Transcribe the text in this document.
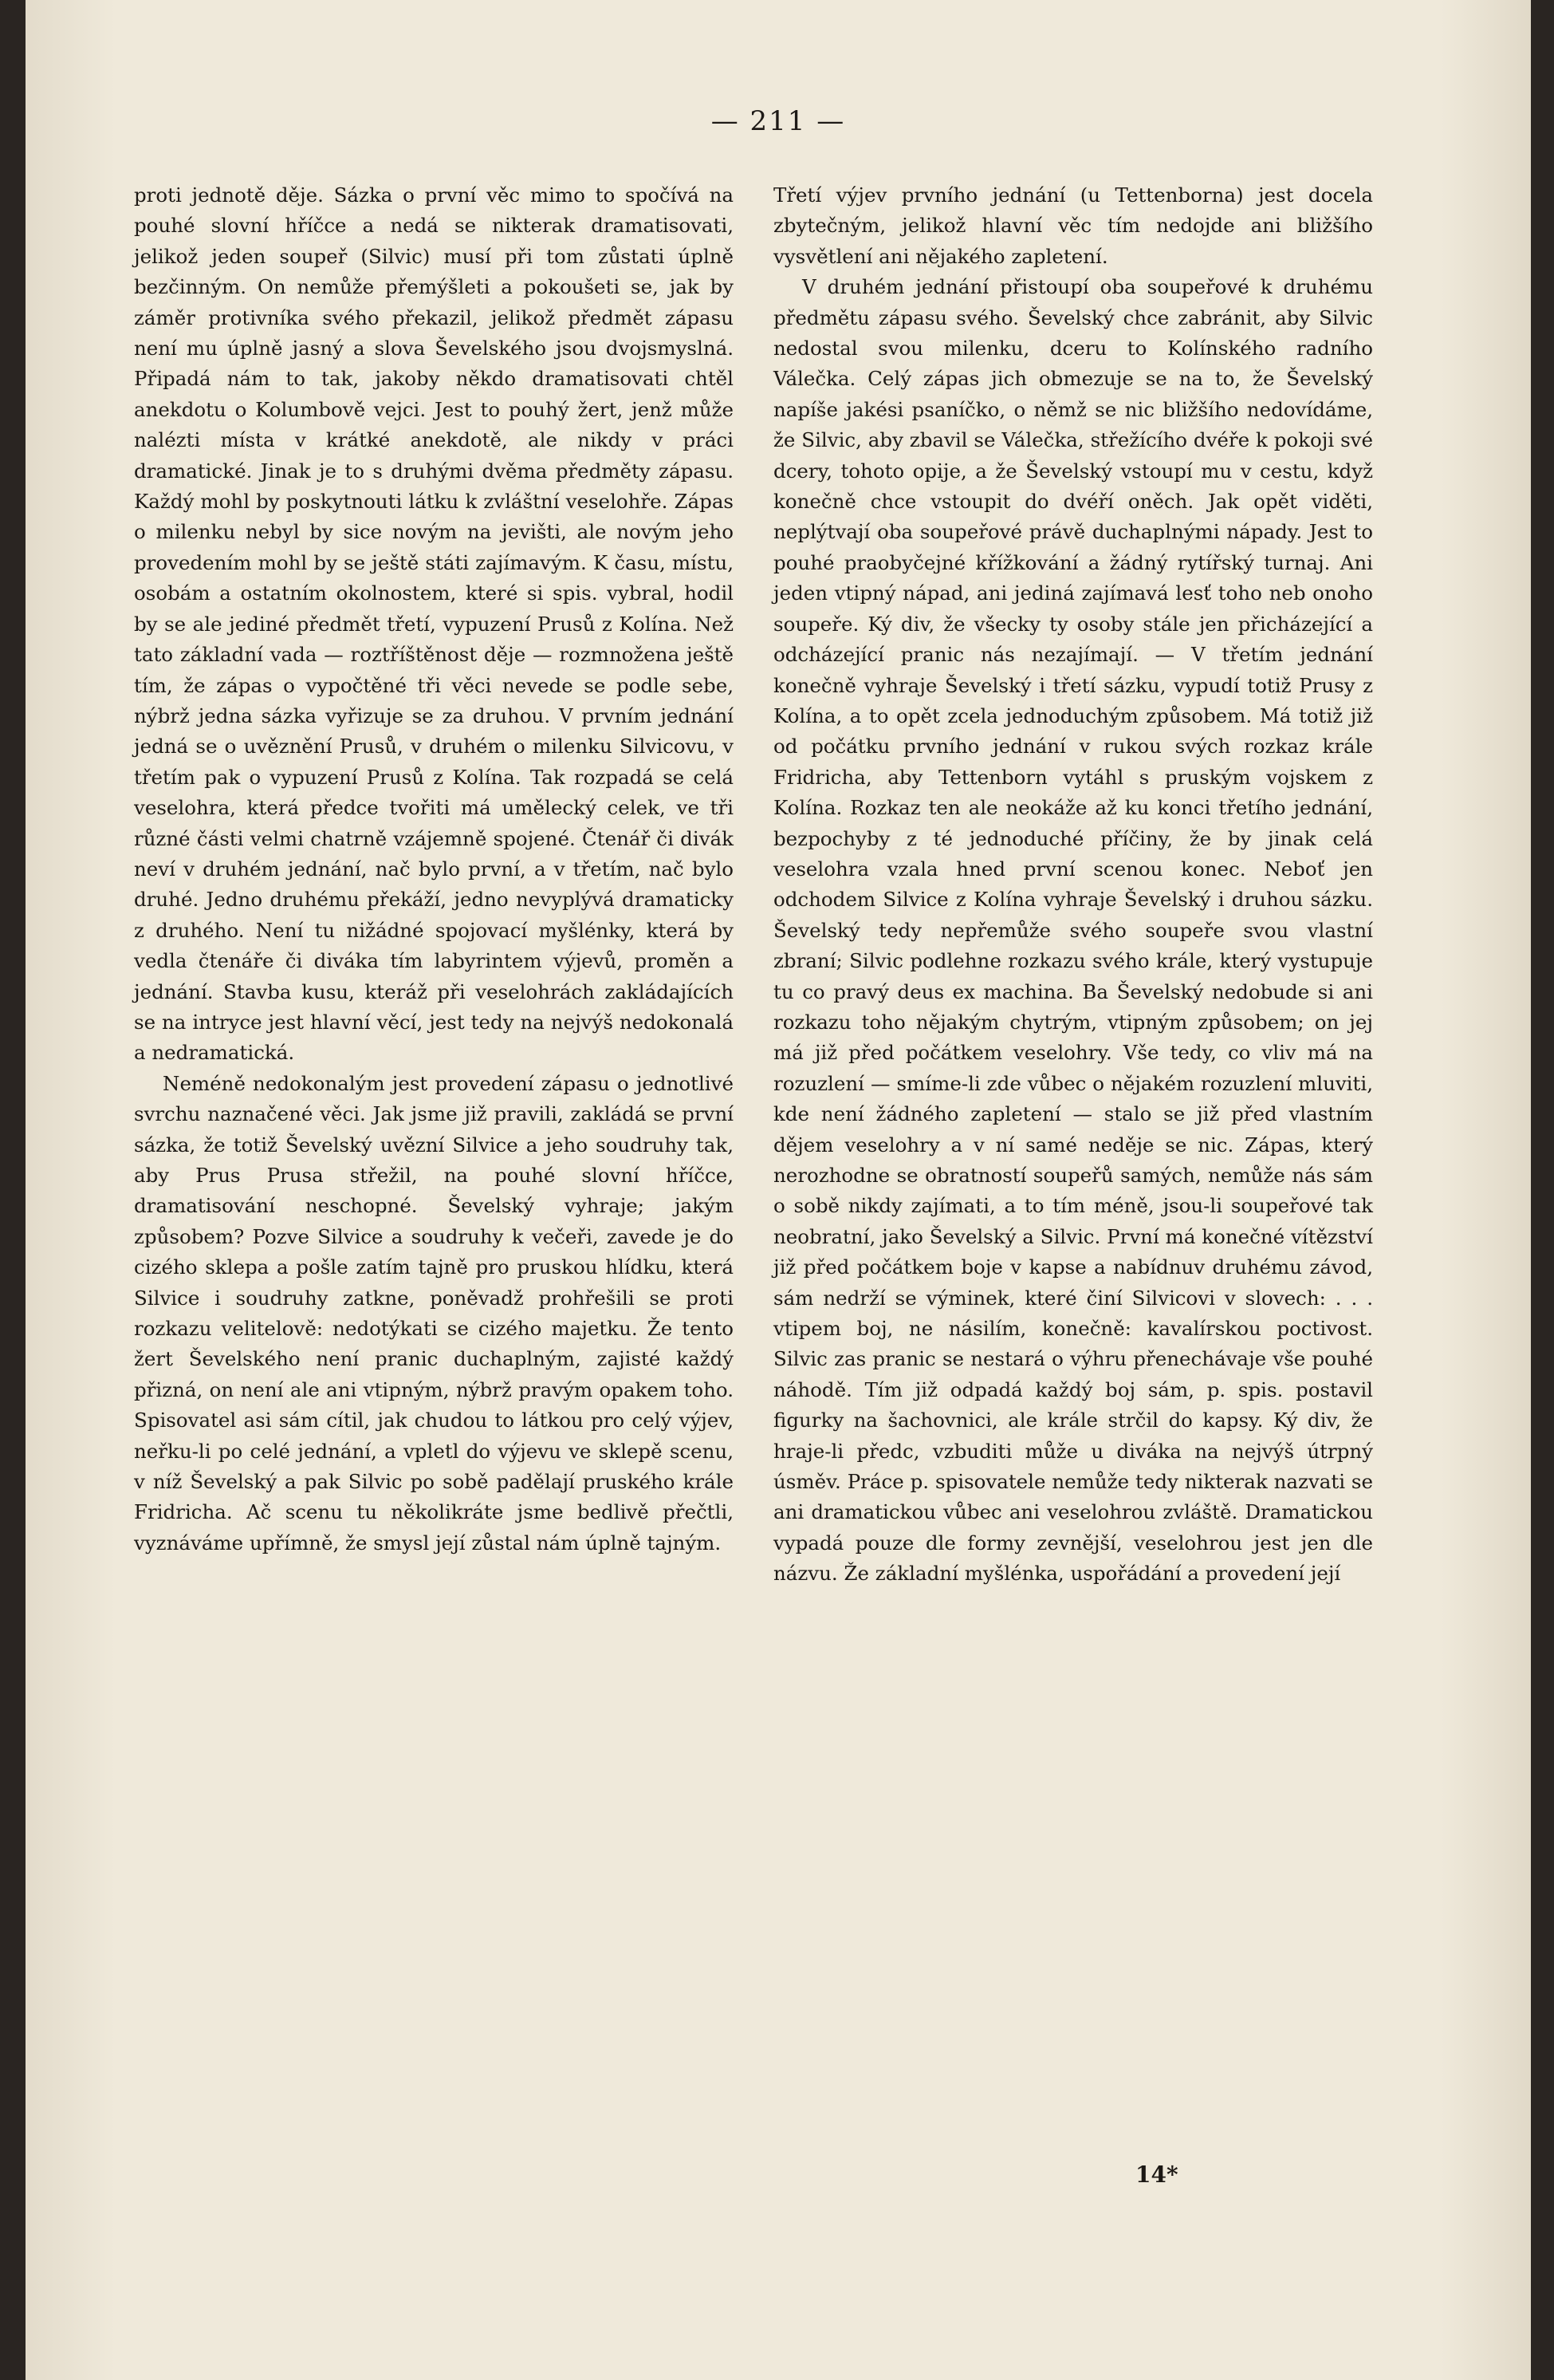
— 211 —

proti jednotě děje. Sázka o první věc mimo to spočívá na pouhé slovní hříčce a nedá se nikterak dramatisovati, jelikož jeden soupeř (Silvic) musí při tom zůstati úplně bezčinným. On nemůže přemýšleti a pokoušeti se, jak by záměr protivníka svého překazil, jelikož předmět zápasu není mu úplně jasný a slova Ševelského jsou dvojsmyslná. Připadá nám to tak, jakoby někdo dramatisovati chtěl anekdotu o Kolumbově vejci. Jest to pouhý žert, jenž může nalézti místa v krátké anekdotě, ale nikdy v práci dramatické. Jinak je to s druhými dvěma předměty zápasu. Každý mohl by poskytnouti látku k zvláštní veselohře. Zápas o milenku nebyl by sice novým na jevišti, ale novým jeho provedením mohl by se ještě státi zajímavým. K času, místu, osobám a ostatním okolnostem, které si spis. vybral, hodil by se ale jediné předmět třetí, vypuzení Prusů z Kolína. Než tato základní vada — roztříštěnost děje — rozmnožena ještě tím, že zápas o vypočtěné tři věci nevede se podle sebe, nýbrž jedna sázka vyřizuje se za druhou. V prvním jednání jedná se o uvěznění Prusů, v druhém o milenku Silvicovu, v třetím pak o vypuzení Prusů z Kolína. Tak rozpadá se celá veselohra, která předce tvořiti má umělecký celek, ve tři různé části velmi chatrně vzájemně spojené. Čtenář či divák neví v druhém jednání, nač bylo první, a v třetím, nač bylo druhé. Jedno druhému překáží, jedno nevyplývá dramaticky z druhého. Není tu nižádné spojovací myšlénky, která by vedla čtenáře či diváka tím labyrintem výjevů, proměn a jednání. Stavba kusu, kteráž při veselohrách zakládajících se na intryce jest hlavní věcí, jest tedy na nejvýš nedokonalá a nedramatická.

Neméně nedokonalým jest provedení zápasu o jednotlivé svrchu naznačené věci. Jak jsme již pravili, zakládá se první sázka, že totiž Ševelský uvězní Silvice a jeho soudruhy tak, aby Prus Prusa střežil, na pouhé slovní hříčce, dramatisování neschopné. Ševelský vyhraje; jakým způsobem? Pozve Silvice a soudruhy k večeři, zavede je do cizého sklepa a pošle zatím tajně pro pruskou hlídku, která Silvice i soudruhy zatkne, poněvadž prohřešili se proti rozkazu velitelově: nedotýkati se cizého majetku. Že tento žert Ševelského není pranic duchaplným, zajisté každý přizná, on není ale ani vtipným, nýbrž pravým opakem toho. Spisovatel asi sám cítil, jak chudou to látkou pro celý výjev, neřku-li po celé jednání, a vpletl do výjevu ve sklepě scenu, v níž Ševelský a pak Silvic po sobě padělají pruského krále Fridricha. Ač scenu tu několikráte jsme bedlivě přečtli, vyznáváme upřímně, že smysl její zůstal nám úplně tajným.

Třetí výjev prvního jednání (u Tettenborna) jest docela zbytečným, jelikož hlavní věc tím nedojde ani bližšího vysvětlení ani nějakého zapletení.

V druhém jednání přistoupí oba soupeřové k druhému předmětu zápasu svého. Ševelský chce zabránit, aby Silvic nedostal svou milenku, dceru to Kolínského radního Válečka. Celý zápas jich obmezuje se na to, že Ševelský napíše jakési psaníčko, o němž se nic bližšího nedovídáme, že Silvic, aby zbavil se Válečka, střežícího dvéře k pokoji své dcery, tohoto opije, a že Ševelský vstoupí mu v cestu, když konečně chce vstoupit do dvéří oněch. Jak opět viděti, neplýtvají oba soupeřové právě duchaplnými nápady. Jest to pouhé praobyčejné křížkování a žádný rytířský turnaj. Ani jeden vtipný nápad, ani jediná zajímavá lesť toho neb onoho soupeře. Ký div, že všecky ty osoby stále jen přicházející a odcházející pranic nás nezajímají. — V třetím jednání konečně vyhraje Ševelský i třetí sázku, vypudí totiž Prusy z Kolína, a to opět zcela jednoduchým způsobem. Má totiž již od počátku prvního jednání v rukou svých rozkaz krále Fridricha, aby Tettenborn vytáhl s pruským vojskem z Kolína. Rozkaz ten ale neokáže až ku konci třetího jednání, bezpochyby z té jednoduché příčiny, že by jinak celá veselohra vzala hned první scenou konec. Neboť jen odchodem Silvice z Kolína vyhraje Ševelský i druhou sázku. Ševelský tedy nepřemůže svého soupeře svou vlastní zbraní; Silvic podlehne rozkazu svého krále, který vystupuje tu co pravý deus ex machina. Ba Ševelský nedobude si ani rozkazu toho nějakým chytrým, vtipným způsobem; on jej má již před počátkem veselohry. Vše tedy, co vliv má na rozuzlení — smíme-li zde vůbec o nějakém rozuzlení mluviti, kde není žádného zapletení — stalo se již před vlastním dějem veselohry a v ní samé neděje se nic. Zápas, který nerozhodne se obratností soupeřů samých, nemůže nás sám o sobě nikdy zajímati, a to tím méně, jsou-li soupeřové tak neobratní, jako Ševelský a Silvic. První má konečné vítězství již před počátkem boje v kapse a nabídnuv druhému závod, sám nedrží se výminek, které činí Silvicovi v slovech: . . . vtipem boj, ne násilím, konečně: kavalírskou poctivost. Silvic zas pranic se nestará o výhru přenechávaje vše pouhé náhodě. Tím již odpadá každý boj sám, p. spis. postavil figurky na šachovnici, ale krále strčil do kapsy. Ký div, že hraje-li předc, vzbuditi může u diváka na nejvýš útrpný úsměv. Práce p. spisovatele nemůže tedy nikterak nazvati se ani dramatickou vůbec ani veselohrou zvláště. Dramatickou vypadá pouze dle formy zevnější, veselohrou jest jen dle názvu. Že základní myšlénka, uspořádání a provedení její

14*
